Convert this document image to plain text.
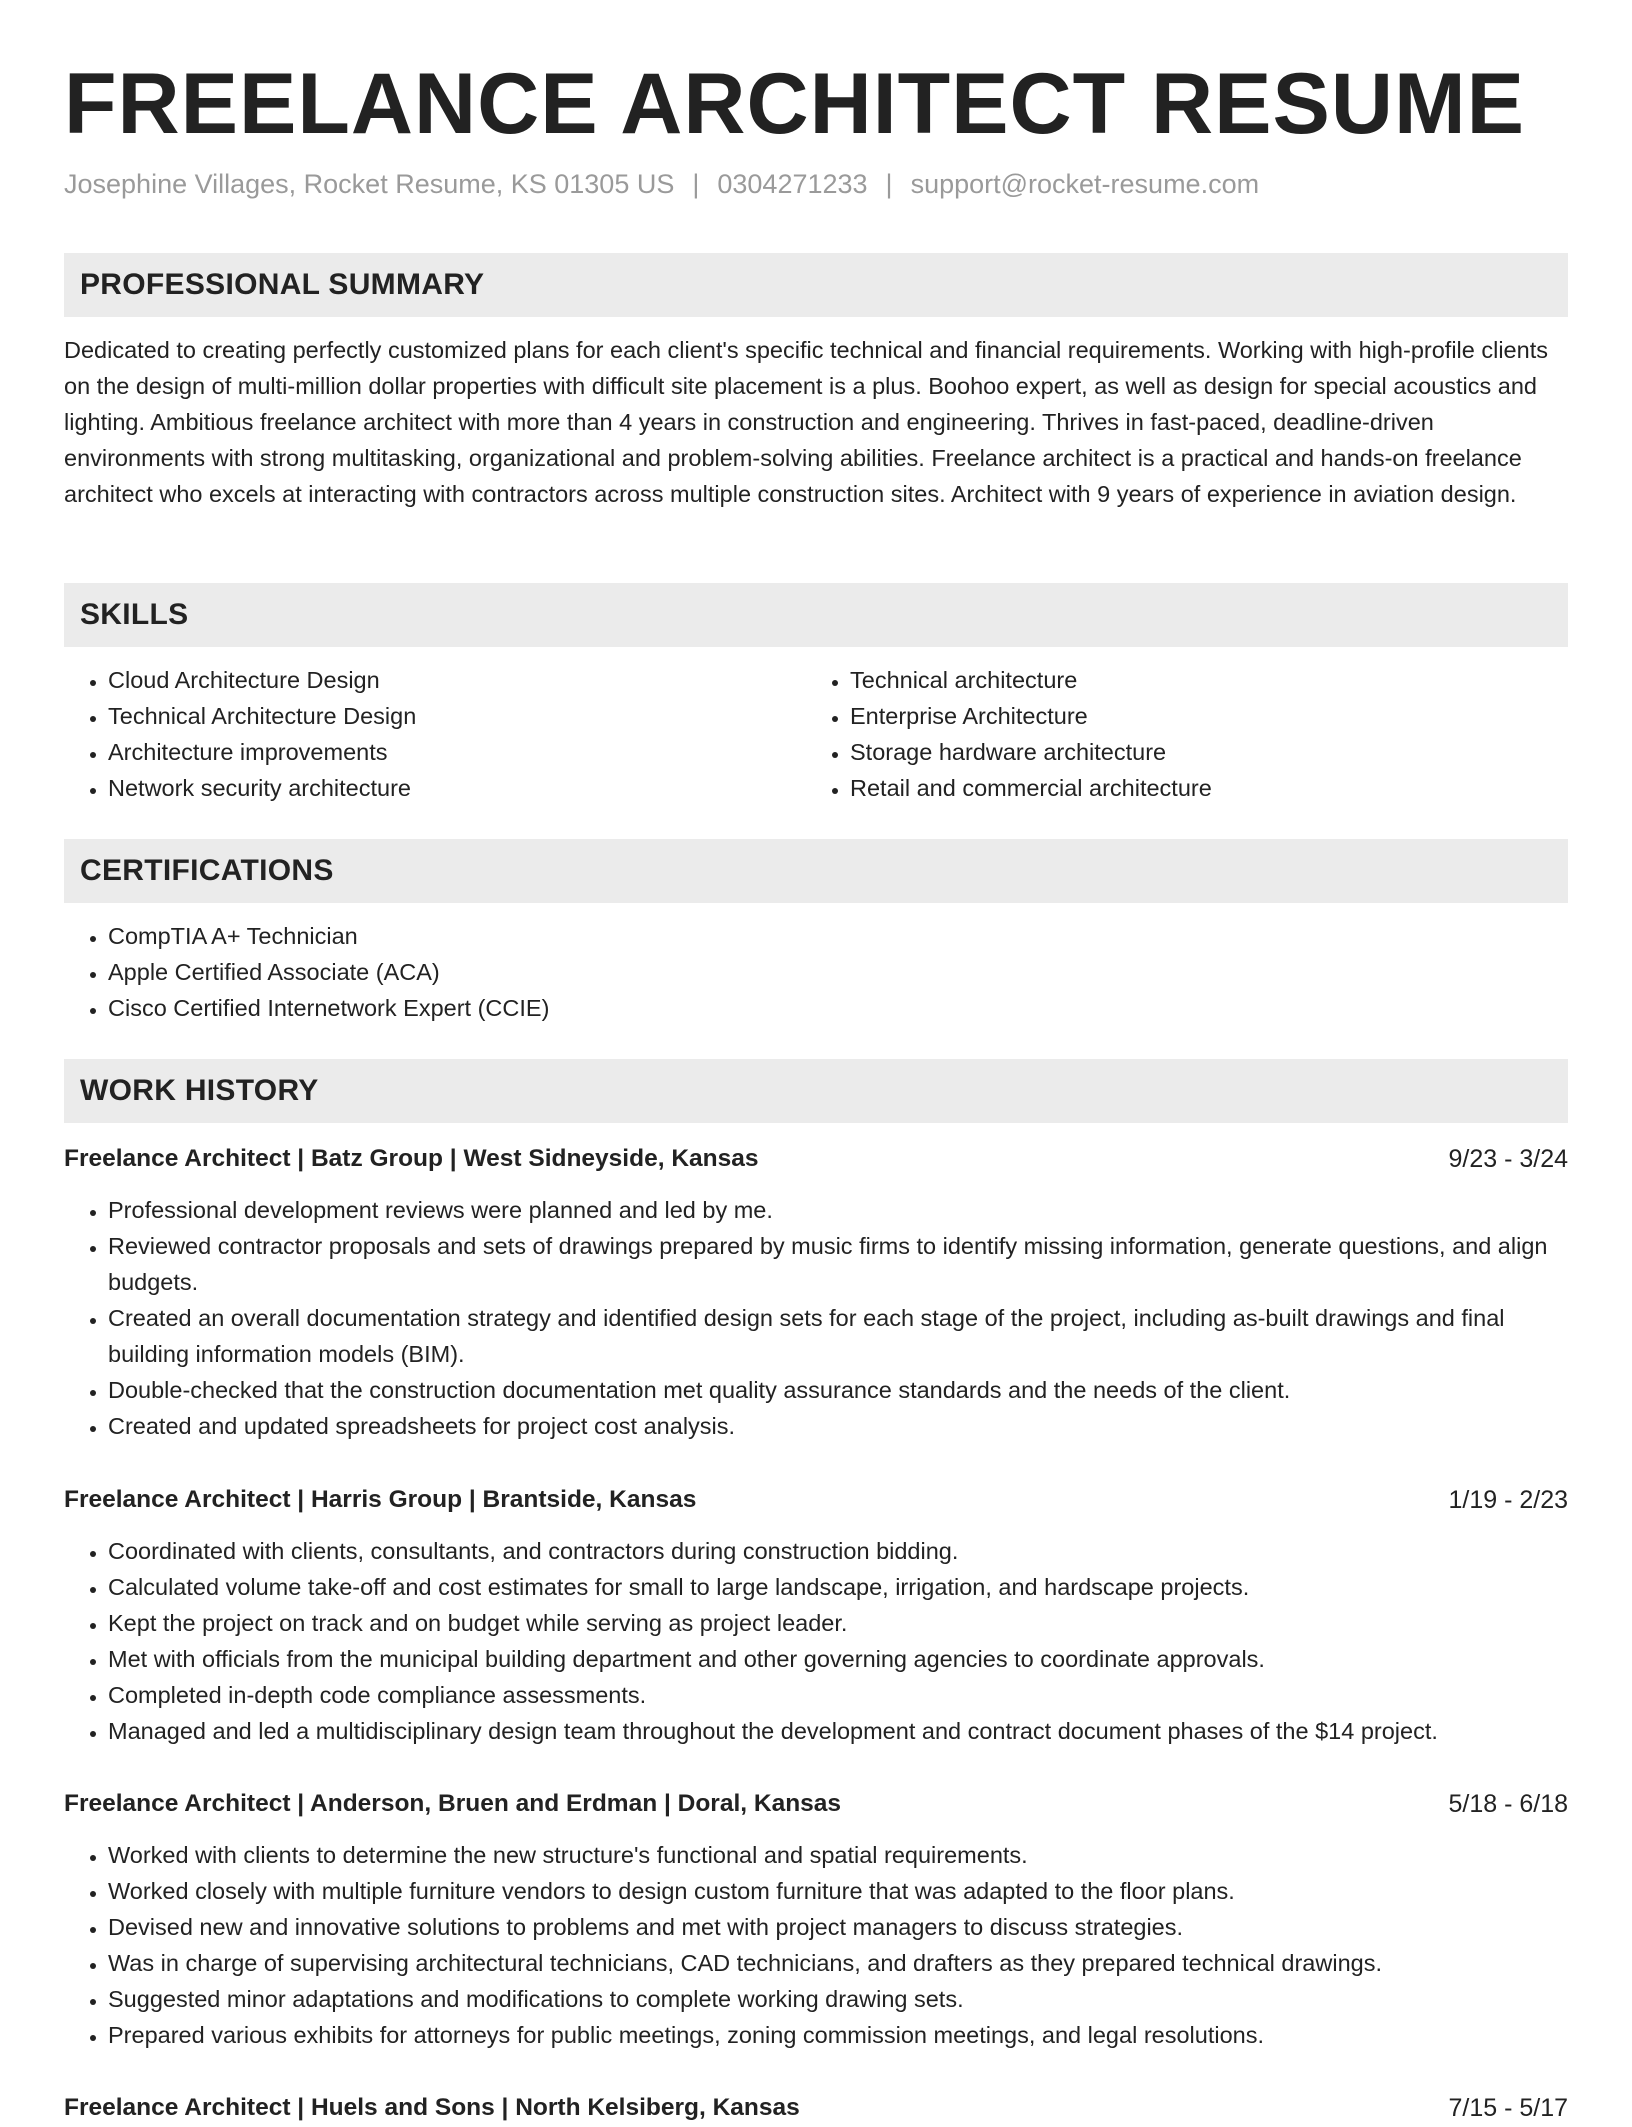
FREELANCE ARCHITECT RESUME
Josephine Villages, Rocket Resume, KS 01305 US | 0304271233 | support@rocket-resume.com
PROFESSIONAL SUMMARY

Dedicated to creating perfectly customized plans for each client's specific technical and financial requirements. Working with high-profile clients on the design of multi-million dollar properties with difficult site placement is a plus. Boohoo expert, as well as design for special acoustics and lighting. Ambitious freelance architect with more than 4 years in construction and engineering. Thrives in fast-paced, deadline-driven environments with strong multitasking, organizational and problem-solving abilities. Freelance architect is a practical and hands-on freelance architect who excels at interacting with contractors across multiple construction sites. Architect with 9 years of experience in aviation design.

SKILLS
• Cloud Architecture Design
• Technical Architecture Design
• Architecture improvements
• Network security architecture
• Technical architecture
• Enterprise Architecture
• Storage hardware architecture
• Retail and commercial architecture
CERTIFICATIONS
• CompTIA A+ Technician
• Apple Certified Associate (ACA)
• Cisco Certified Internetwork Expert (CCIE)
WORK HISTORY
Freelance Architect | Batz Group | West Sidneyside, Kansas	9/23 - 3/24
• Professional development reviews were planned and led by me.
• Reviewed contractor proposals and sets of drawings prepared by music firms to identify missing information, generate questions, and align budgets.
• Created an overall documentation strategy and identified design sets for each stage of the project, including as-built drawings and final building information models (BIM).
• Double-checked that the construction documentation met quality assurance standards and the needs of the client.
• Created and updated spreadsheets for project cost analysis.
Freelance Architect | Harris Group | Brantside, Kansas	1/19 - 2/23
• Coordinated with clients, consultants, and contractors during construction bidding.
• Calculated volume take-off and cost estimates for small to large landscape, irrigation, and hardscape projects.
• Kept the project on track and on budget while serving as project leader.
• Met with officials from the municipal building department and other governing agencies to coordinate approvals.
• Completed in-depth code compliance assessments.
• Managed and led a multidisciplinary design team throughout the development and contract document phases of the $14 project.
Freelance Architect | Anderson, Bruen and Erdman | Doral, Kansas	5/18 - 6/18
• Worked with clients to determine the new structure's functional and spatial requirements.
• Worked closely with multiple furniture vendors to design custom furniture that was adapted to the floor plans.
• Devised new and innovative solutions to problems and met with project managers to discuss strategies.
• Was in charge of supervising architectural technicians, CAD technicians, and drafters as they prepared technical drawings.
• Suggested minor adaptations and modifications to complete working drawing sets.
• Prepared various exhibits for attorneys for public meetings, zoning commission meetings, and legal resolutions.
Freelance Architect | Huels and Sons | North Kelsiberg, Kansas	7/15 - 5/17
